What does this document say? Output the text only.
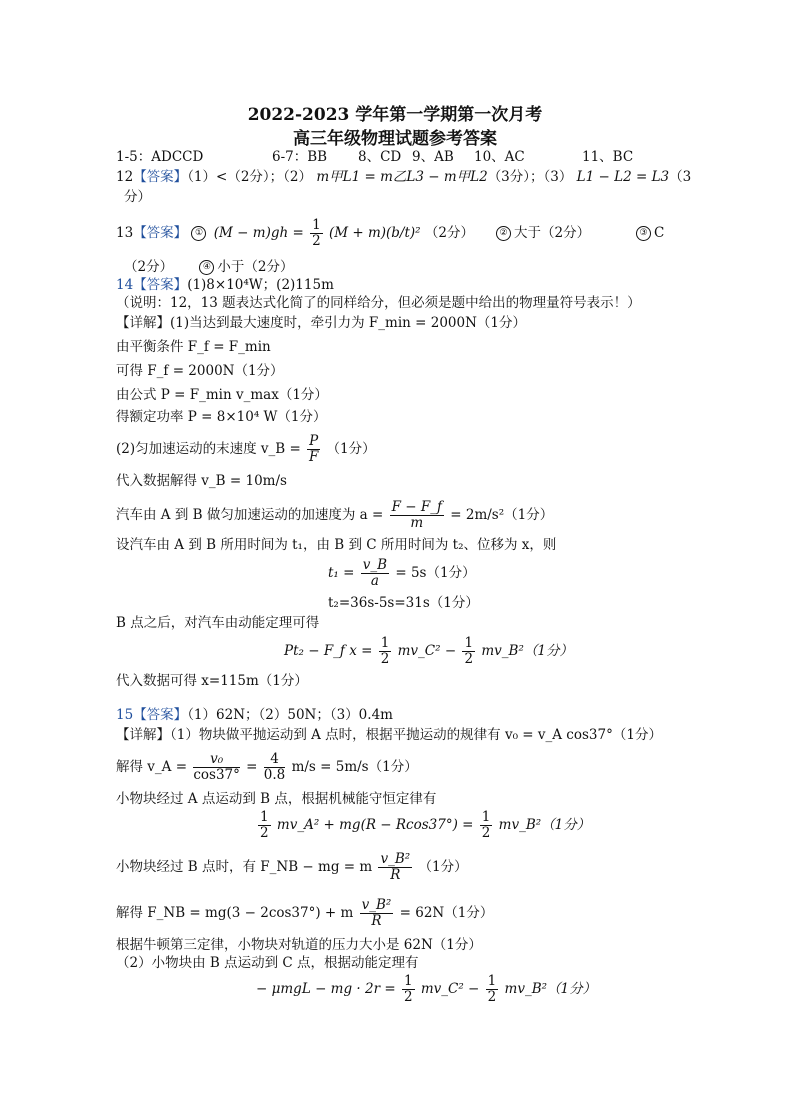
2022-2023 学年第一学期第一次月考
高三年级物理试题参考答案
1-5：ADCCD	6-7：BB 8、CD 9、AB 10、AC	11、BC
12【答案】（1）<（2分）；（2） m甲L1 = m乙L3 − m甲L2（3分）；（3） L1 − L2 = L3（3
分）
13【答案】 ① $(M - m)gh = \frac{1}{2} (M + m)(b/t)^2$ （2分）	② 大于（2分）	③ C
（2分）	④ 小于（2分）
14【答案】(1)8×10⁴W；(2)115m
（说明：12，13 题表达式化简了的同样给分，但必须是题中给出的物理量符号表示！）
【详解】(1)当达到最大速度时，牵引力为 F_min = 2000N（1分）
由平衡条件 F_f = F_min
可得 F_f = 2000N（1分）
由公式 P = F_min v_max（1分）
得额定功率 P = 8×10⁴ W（1分）
(2)匀加速运动的末速度 v_B = $\frac{P}{F} (1$分）
代入数据解得 v_B = 10m/s
汽车由 A 到 B 做匀加速运动的加速度为 $a = \frac{F - F\_f}{m} = 2m/s^2(1$分）
设汽车由 A 到 B 所用时间为 t₁，由 B 到 C 所用时间为 t₂、位移为 x，则
$t_1 = \frac{v\_B}{a} = 5s(1$分）
t₂=36s-5s=31s（1分）
B 点之后，对汽车由动能定理可得
Pt₂ − F_f $x = \frac{1}{2}$ mv_C² − $\frac{1}{2}$ mv_B²（1分）
代入数据可得 x=115m（1分）
15【答案】（1）62N；（2）50N；（3）0.4m
【详解】（1）物块做平抛运动到 A 点时，根据平抛运动的规律有 v₀ = v_A cos37°（1分）
解得 v_A = $\frac{\text{v₀}}{\cos 37^\circ} = \frac{4}{0.8} m/s = 5m/s(1$分）
小物块经过 A 点运动到 B 点，根据机械能守恒定律有
$\frac{1}{2}$ mv_A² + $mg(R - Rcos37^\circ) = \frac{1}{2}$ mv_B²（1分）
小物块经过 B 点时，有 F_NB − mg = m $\frac{\text{v\_B²}}{R} (1$分）
解得 F_NB = mg(3 − 2cos37°) + m $\frac{\text{v\_B²}}{R} = 62N(1$分）
根据牛顿第三定律，小物块对轨道的压力大小是 62N（1分）
（2）小物块由 B 点运动到 C 点，根据动能定理有
− μmgL − mg · $2r = \frac{1}{2}$ mv_C² − $\frac{1}{2}$ mv_B²（1分）
